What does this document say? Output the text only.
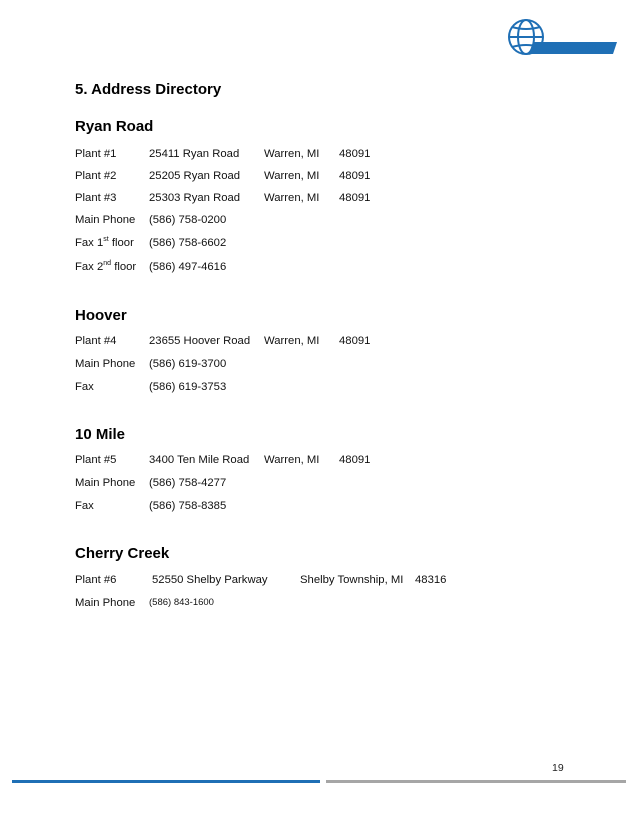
PASLIN
5. Address Directory
Ryan Road
Plant #1	25411 Ryan Road Warren, MI 48091
Plant #2	25205 Ryan Road Warren, MI 48091
Plant #3	25303 Ryan Road Warren, MI 48091
Main Phone (586) 758-0200
Fax 1st floor (586) 758-6602
Fax 2nd floor (586) 497-4616
Hoover
Plant #4	23655 Hoover Road Warren, MI 48091
Main Phone (586) 619-3700
Fax	(586) 619-3753
10 Mile
Plant #5	3400 Ten Mile Road Warren, MI 48091
Main Phone (586) 758-4277
Fax	(586) 758-8385
Cherry Creek
Plant #6	52550 Shelby Parkway	Shelby Township, MI 48316
Main Phone (586) 843-1600
19
